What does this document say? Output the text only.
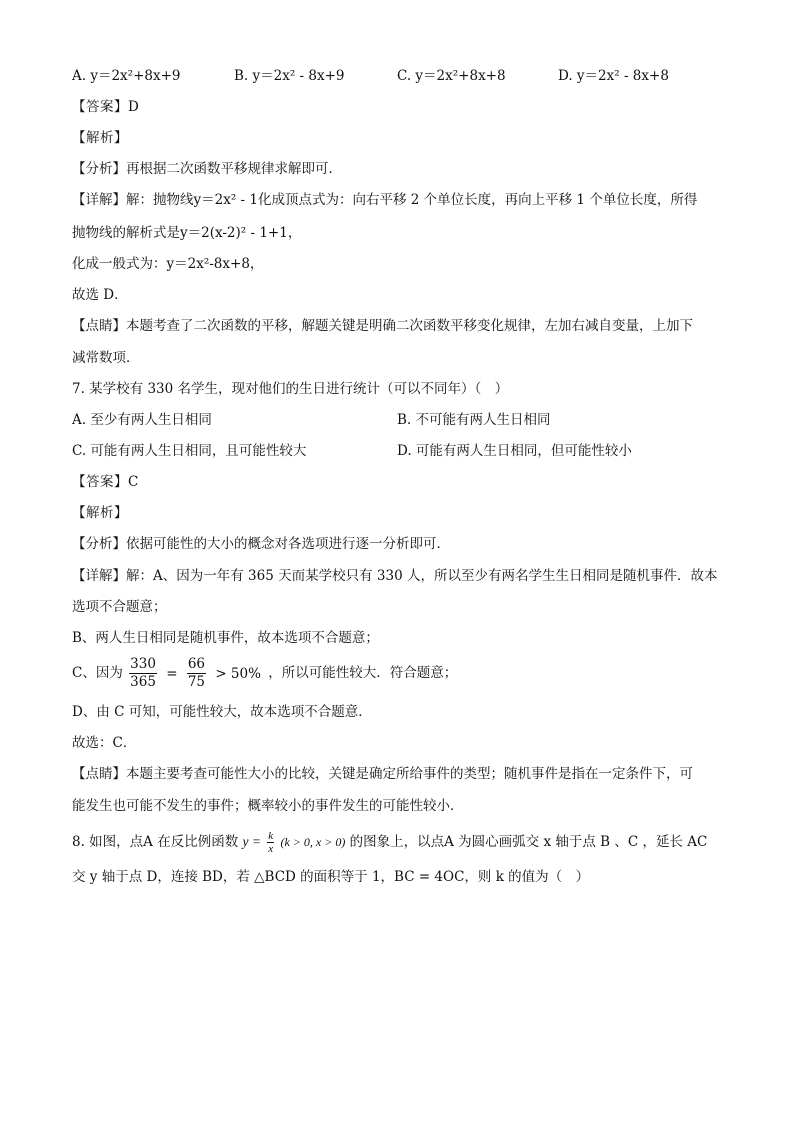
A. y＝2x²+8x+9	B. y＝2x² - 8x+9	C. y＝2x²+8x+8	D. y＝2x² - 8x+8
【答案】D
【解析】
【分析】再根据二次函数平移规律求解即可．
【详解】解：抛物线y＝2x² - 1化成顶点式为：向右平移 2 个单位长度，再向上平移 1 个单位长度，所得
抛物线的解析式是y＝2(x-2)² - 1+1，
化成一般式为：y＝2x²-8x+8，
故选 D．
【点睛】本题考查了二次函数的平移，解题关键是明确二次函数平移变化规律，左加右减自变量，上加下
减常数项．
7. 某学校有 330 名学生，现对他们的生日进行统计（可以不同年）（　）
A. 至少有两人生日相同	B. 不可能有两人生日相同
C. 可能有两人生日相同，且可能性较大	D. 可能有两人生日相同，但可能性较小
【答案】C
【解析】
【分析】依据可能性的大小的概念对各选项进行逐一分析即可．
【详解】解：A、因为一年有 365 天而某学校只有 330 人，所以至少有两名学生生日相同是随机事件．故本
选项不合题意；
B、两人生日相同是随机事件，故本选项不合题意；
C、因为 $\frac{330}{365} = \frac{66}{75} > 50\%$ ，所以可能性较大．符合题意；
D、由 C 可知，可能性较大，故本选项不合题意．
故选：C．
【点睛】本题主要考查可能性大小的比较，关键是确定所给事件的类型；随机事件是指在一定条件下，可
能发生也可能不发生的事件；概率较小的事件发生的可能性较小．
8. 如图，点A 在反比例函数 $y = \frac{k}{x} (k > 0$, x > 0) 的图象上，以点A 为圆心画弧交 x 轴于点 B 、C ，延长 AC
交 y 轴于点 D，连接 BD，若 △BCD 的面积等于 1，BC = 4OC，则 k 的值为（　）
